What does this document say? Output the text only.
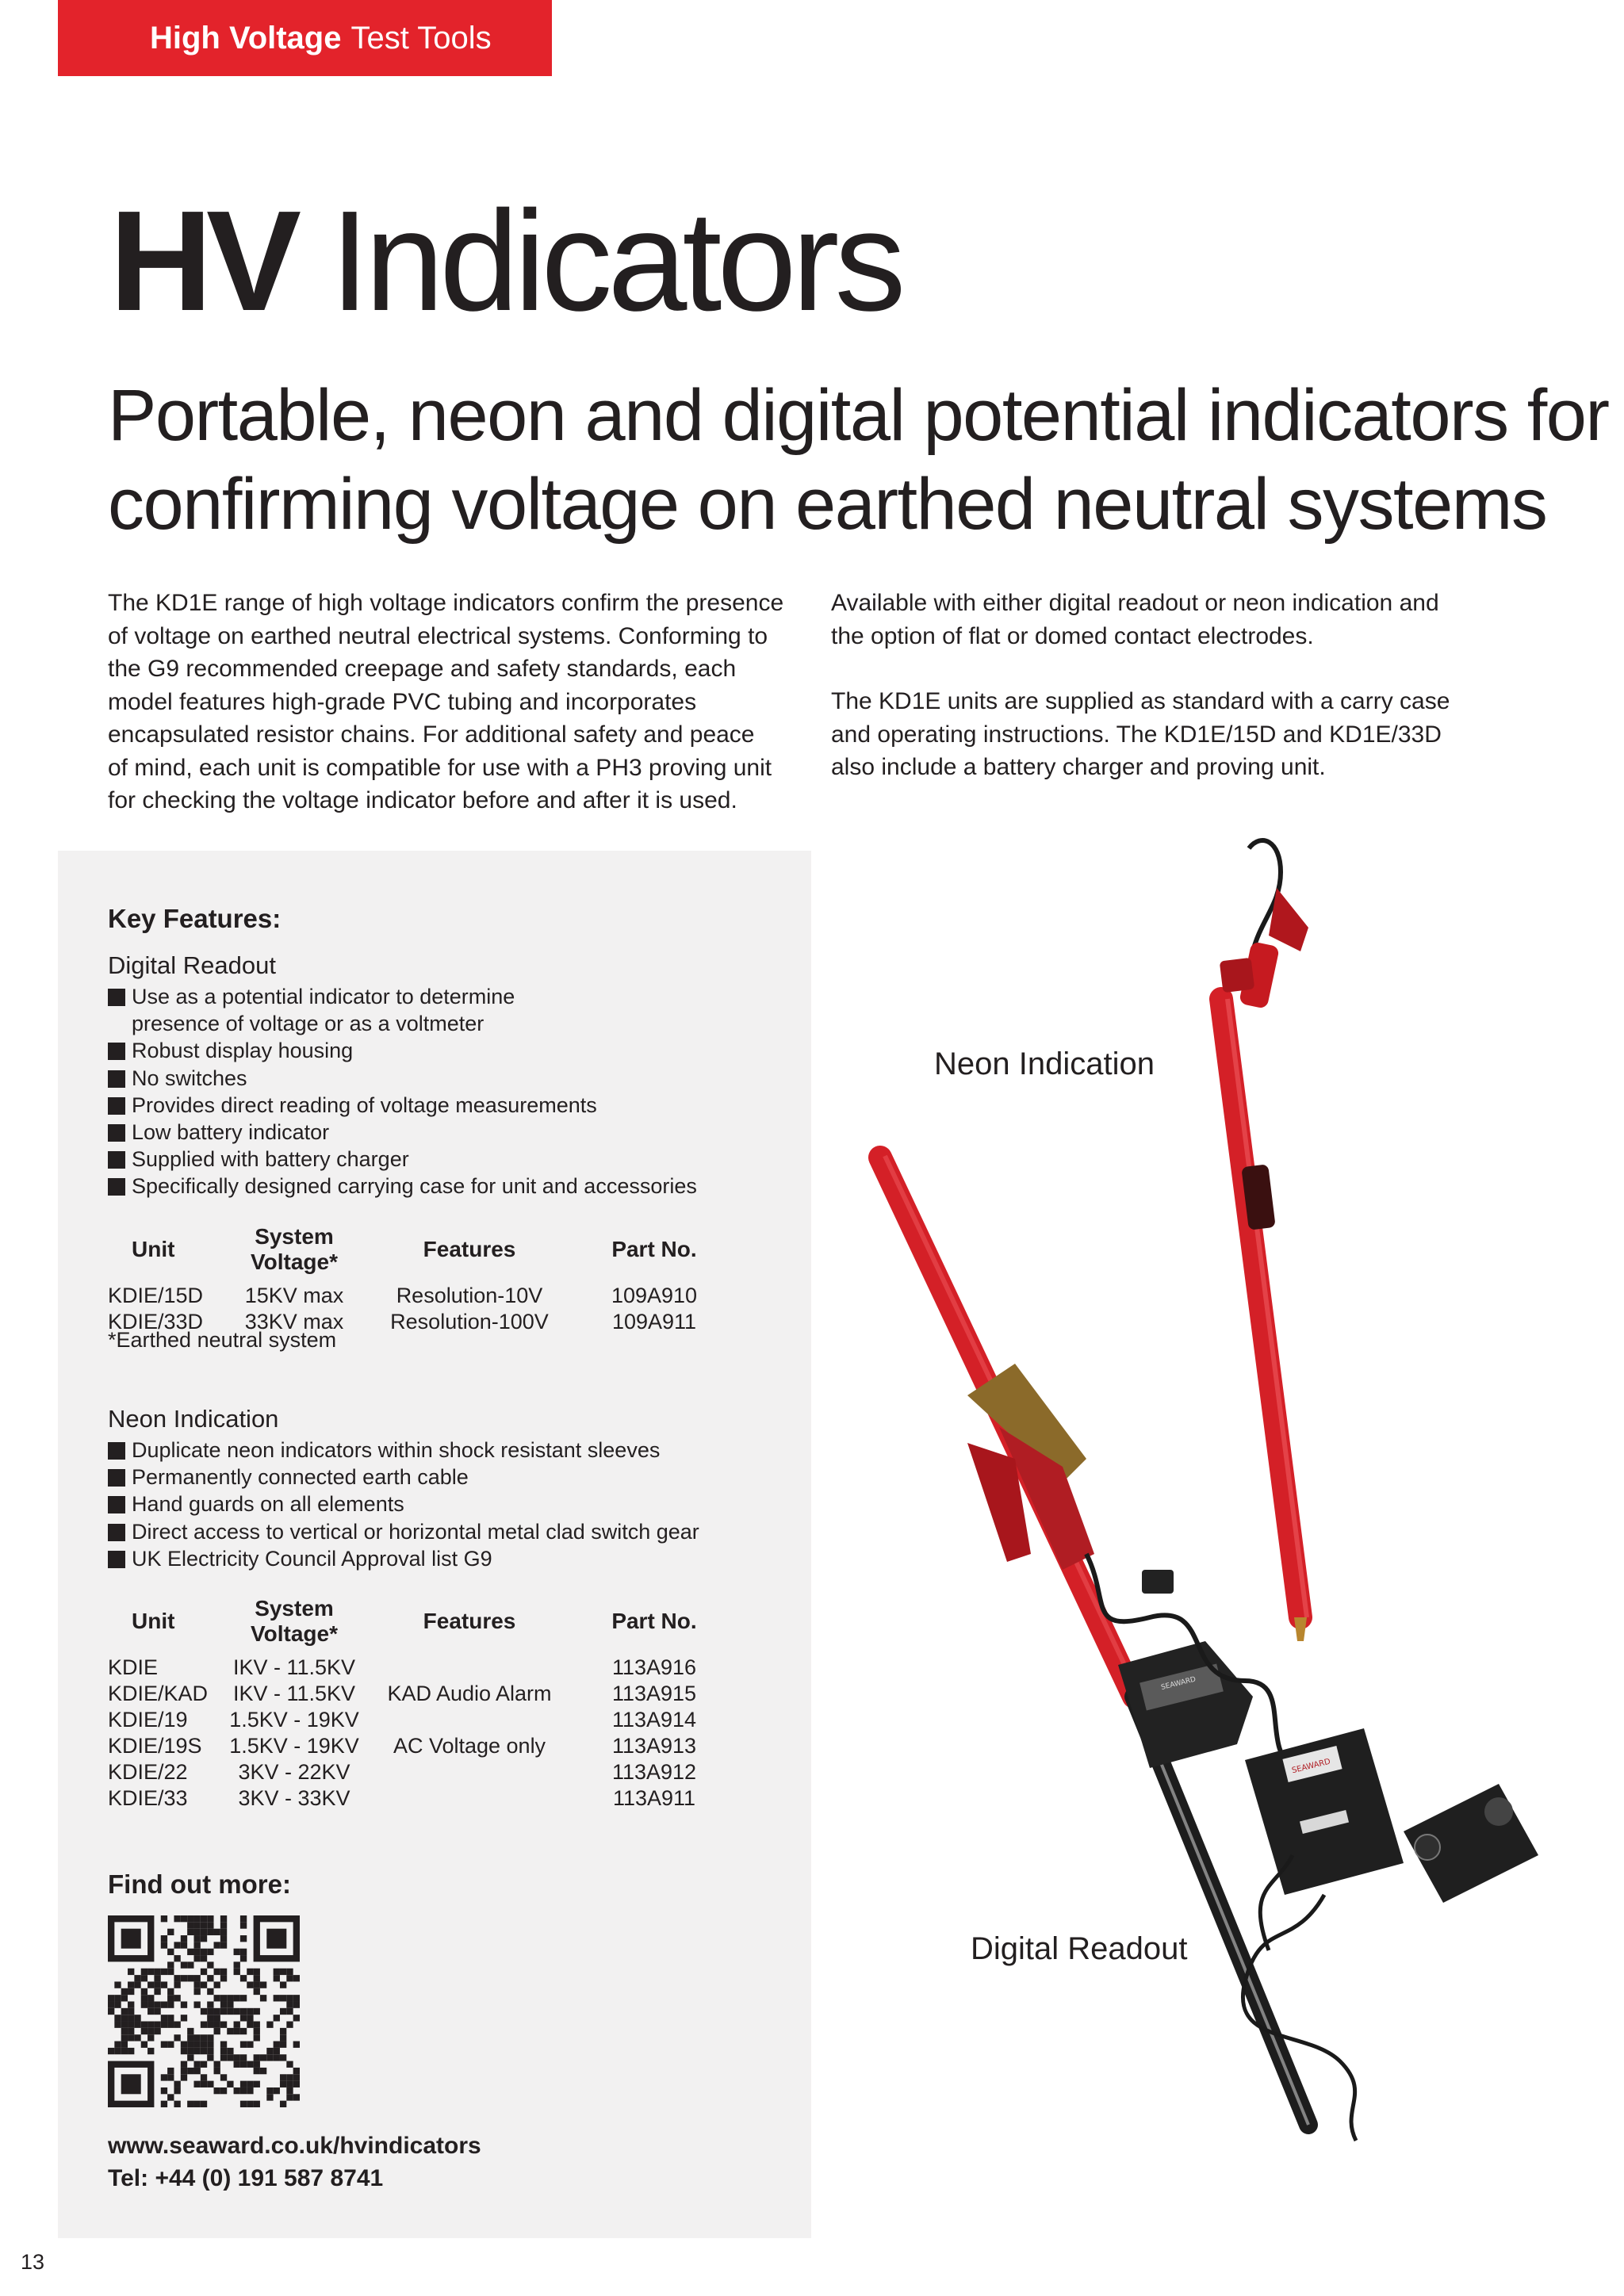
High Voltage Test Tools
HV Indicators
Portable, neon and digital potential indicators for
confirming voltage on earthed neutral systems

The KD1E range of high voltage indicators confirm the presence
of voltage on earthed neutral electrical systems. Conforming to
the G9 recommended creepage and safety standards, each
model features high-grade PVC tubing and incorporates
encapsulated resistor chains. For additional safety and peace
of mind, each unit is compatible for use with a PH3 proving unit
for checking the voltage indicator before and after it is used.

Available with either digital readout or neon indication and
the option of flat or domed contact electrodes.

The KD1E units are supplied as standard with a carry case
and operating instructions. The KD1E/15D and KD1E/33D
also include a battery charger and proving unit.

Key Features:
Digital Readout
Use as a potential indicator to determine
presence of voltage or as a voltmeter
Robust display housing
No switches
Provides direct reading of voltage measurements
Low battery indicator
Supplied with battery charger
Specifically designed carrying case for unit and accessories
Unit	System Voltage*	Features	Part No.
KDIE/15D	15KV max	Resolution-10V	109A910
KDIE/33D	33KV max	Resolution-100V	109A911
*Earthed neutral system
Neon Indication
Duplicate neon indicators within shock resistant sleeves
Permanently connected earth cable
Hand guards on all elements
Direct access to vertical or horizontal metal clad switch gear
UK Electricity Council Approval list G9
Unit	System Voltage*	Features	Part No.
KDIE	IKV - 11.5KV		113A916
KDIE/KAD	IKV - 11.5KV	KAD Audio Alarm	113A915
KDIE/19	1.5KV - 19KV		113A914
KDIE/19S	1.5KV - 19KV	AC Voltage only	113A913
KDIE/22	3KV - 22KV		113A912
KDIE/33	3KV - 33KV		113A911
Find out more:
www.seaward.co.uk/hvindicators
Tel: +44 (0) 191 587 8741
SEAWARD
SEAWARD
Neon Indication
Digital Readout
13
